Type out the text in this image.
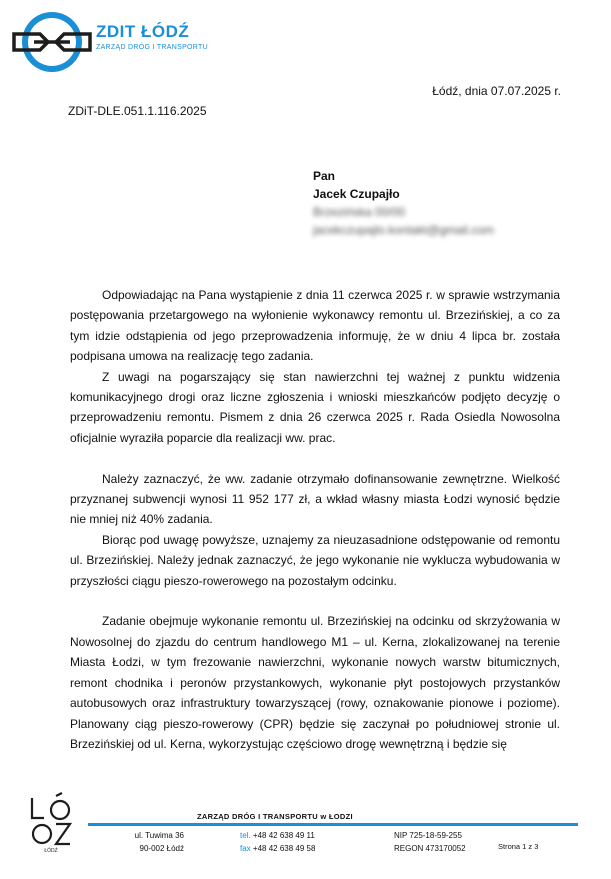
ZDIT ŁÓDŹ
ZARZĄD DRÓG I TRANSPORTU
Łódź, dnia 07.07.2025 r.
ZDiT-DLE.051.1.116.2025
Pan
Jacek Czupajło
Brzezińska 00/00
jacekczupajlo.kontakt@gmail.com

Odpowiadając na Pana wystąpienie z dnia 11 czerwca 2025 r. w sprawie wstrzymania postępowania przetargowego na wyłonienie wykonawcy remontu ul. Brzezińskiej, a co za tym idzie odstąpienia od jego przeprowadzenia informuję, że w dniu 4 lipca br. została podpisana umowa na realizację tego zadania.

Z uwagi na pogarszający się stan nawierzchni tej ważnej z punktu widzenia komunikacyjnego drogi oraz liczne zgłoszenia i wnioski mieszkańców podjęto decyzję o przeprowadzeniu remontu. Pismem z dnia 26 czerwca 2025 r. Rada Osiedla Nowosolna oficjalnie wyraziła poparcie dla realizacji ww. prac.

Należy zaznaczyć, że ww. zadanie otrzymało dofinansowanie zewnętrzne. Wielkość przyznanej subwencji wynosi 11 952 177 zł, a wkład własny miasta Łodzi wynosić będzie nie mniej niż 40% zadania.

Biorąc pod uwagę powyższe, uznajemy za nieuzasadnione odstępowanie od remontu ul. Brzezińskiej. Należy jednak zaznaczyć, że jego wykonanie nie wyklucza wybudowania w przyszłości ciągu pieszo-rowerowego na pozostałym odcinku.

Zadanie obejmuje wykonanie remontu ul. Brzezińskiej na odcinku od skrzyżowania w Nowosolnej do zjazdu do centrum handlowego M1 – ul. Kerna, zlokalizowanej na terenie Miasta Łodzi, w tym frezowanie nawierzchni, wykonanie nowych warstw bitumicznych, remont chodnika i peronów przystankowych, wykonanie płyt postojowych przystanków autobusowych oraz infrastruktury towarzyszącej (rowy, oznakowanie pionowe i poziome). Planowany ciąg pieszo-rowerowy (CPR) będzie się zaczynał po południowej stronie ul. Brzezińskiej od ul. Kerna, wykorzystując częściowo drogę wewnętrzną i będzie się

ŁÓDŹ
ZARZĄD DRÓG I TRANSPORTU w ŁODZI
ul. Tuwima 36
90-002 Łódź
tel. +48 42 638 49 11
fax +48 42 638 49 58
NIP 725-18-59-255
REGON 473170052	Strona 1 z 3
